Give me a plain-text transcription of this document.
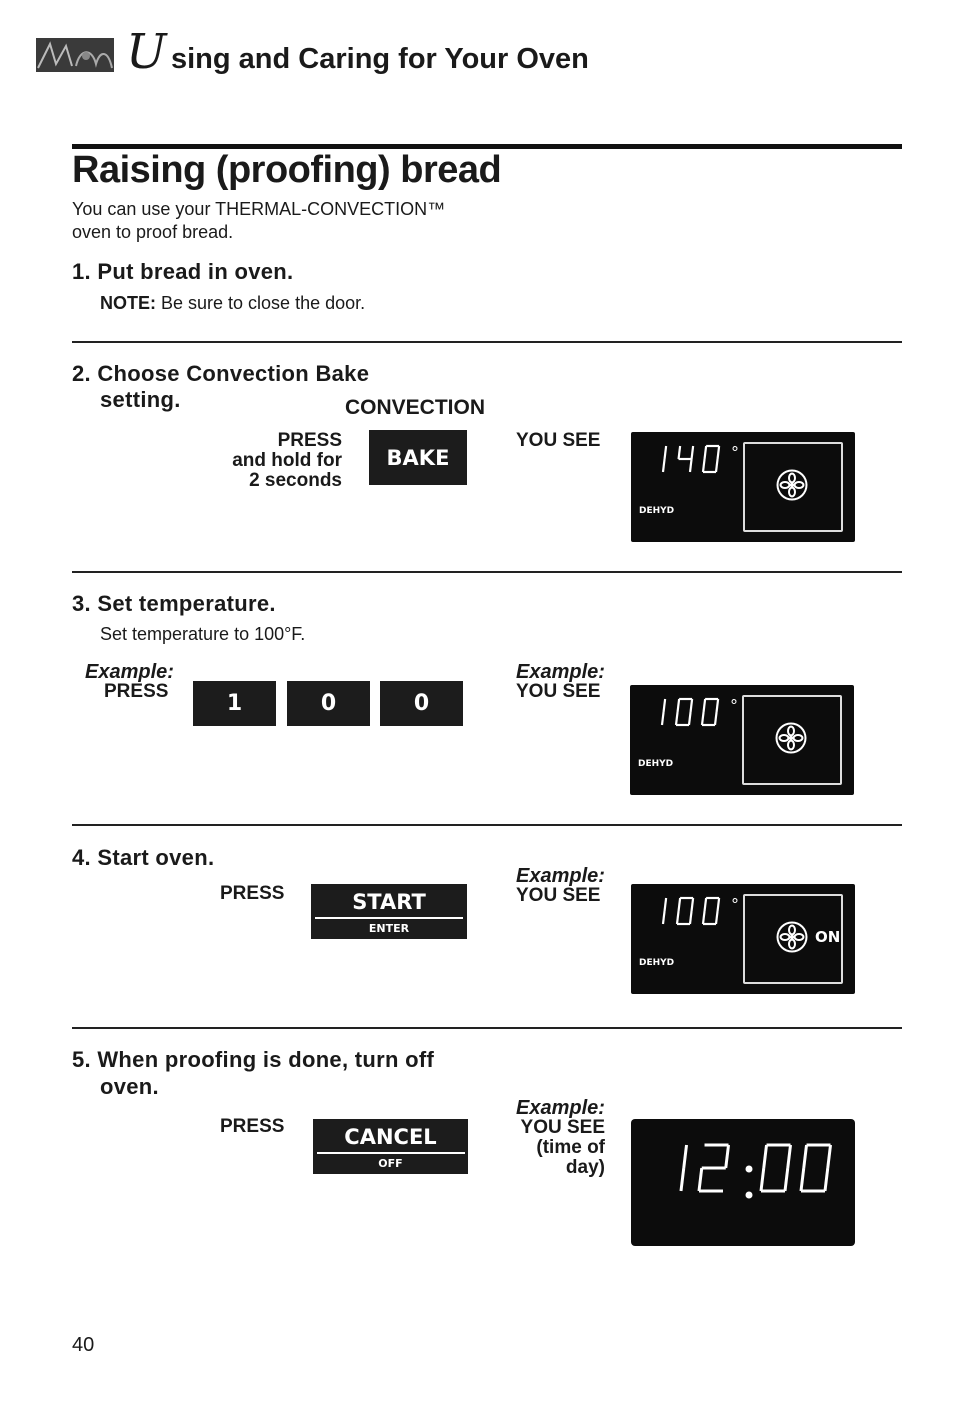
U sing and Caring for Your Oven
Raising (proofing) bread
You can use your THERMAL-CONVECTION™
oven to proof bread.
1. Put bread in oven.
NOTE: Be sure to close the door.
2. Choose Convection Bake
setting.	CONVECTION
PRESS
and hold for
2 seconds
BAKE
YOU SEE
°
DEHYD
3. Set temperature.
Set temperature to 100°F.
Example:
PRESS	1	0	0
Example:
YOU SEE
°
DEHYD
4. Start oven.
PRESS	START
ENTER
Example:
YOU SEE	°
DEHYD
ON
5. When proofing is done, turn off
oven.
PRESS	CANCEL
OFF
Example:
YOU SEE
(time of
day)
40
